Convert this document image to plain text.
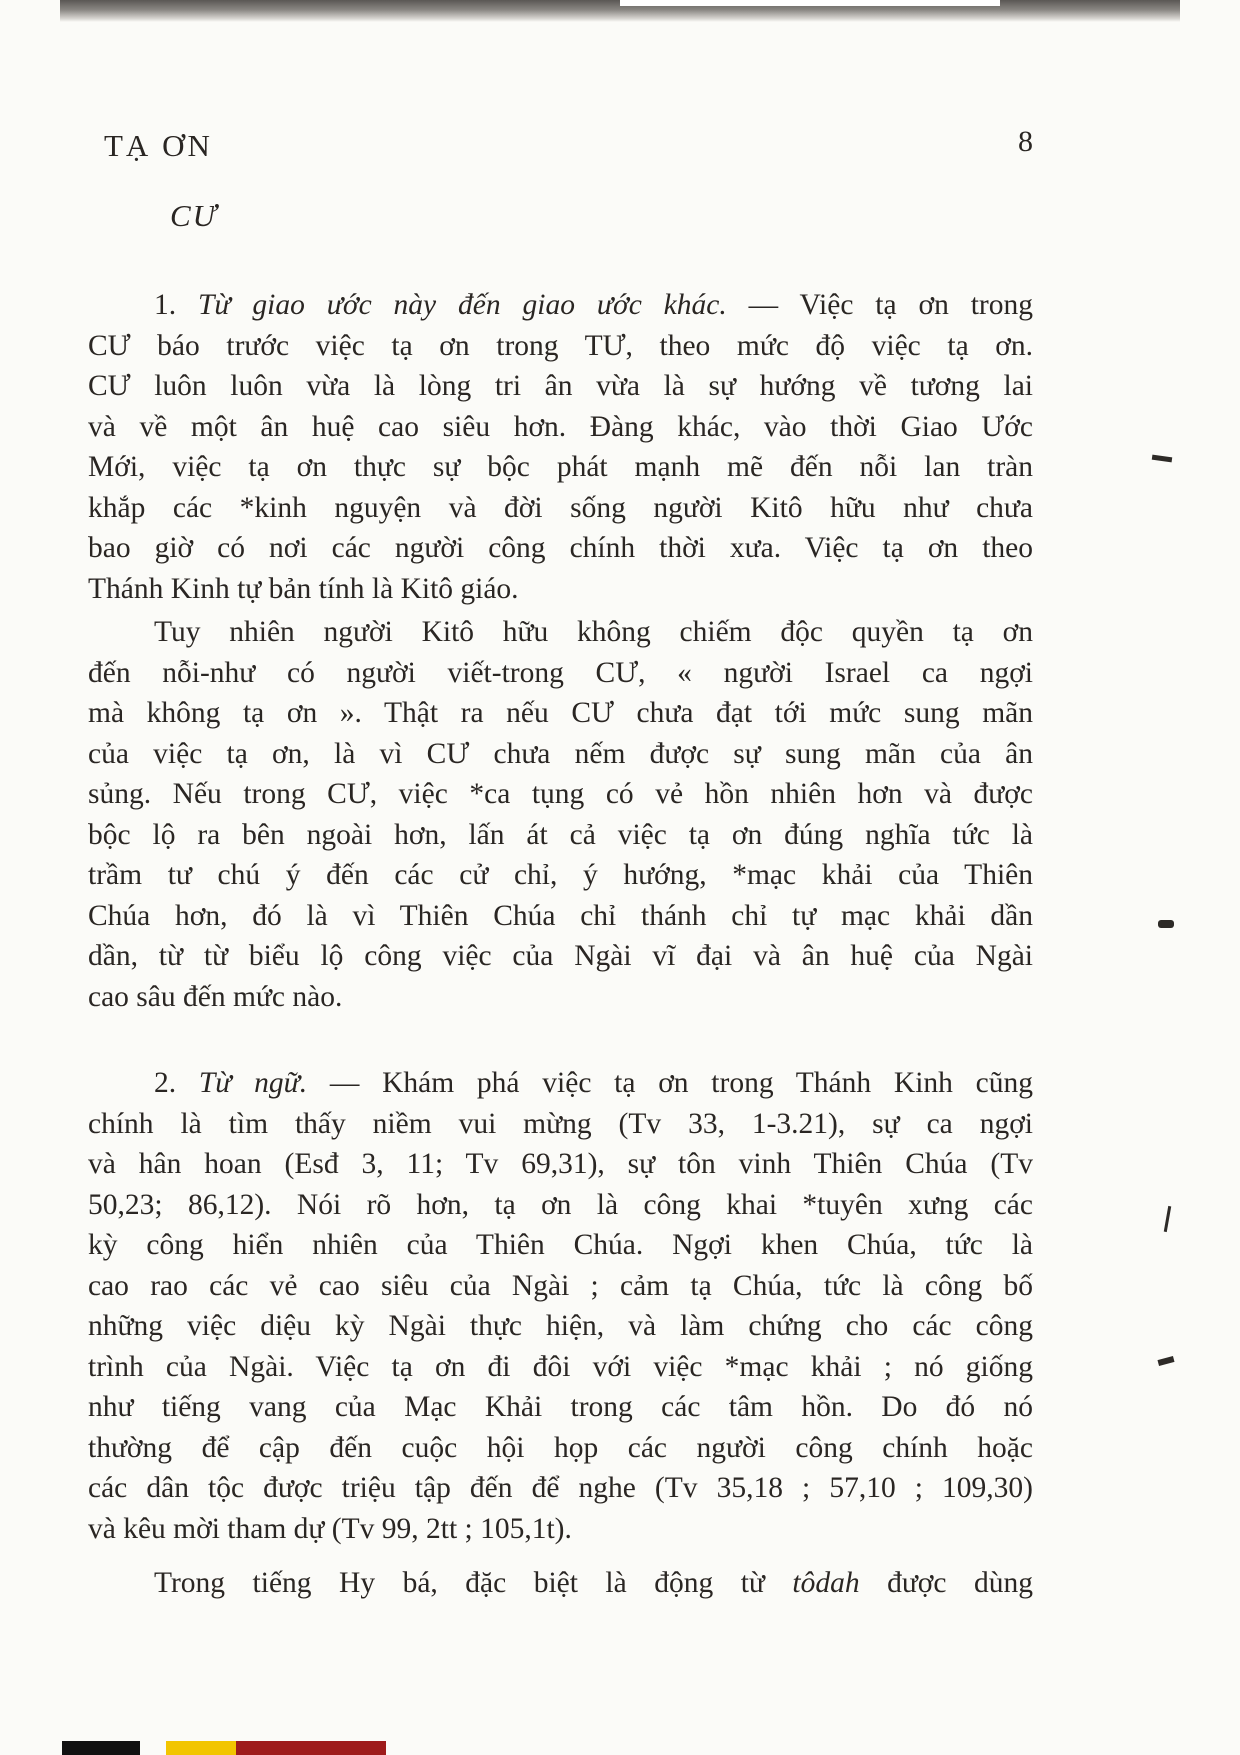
TẠ ƠN	8
CƯ

1. Từ giao ước này đến giao ước khác. — Việc tạ ơn trong
CƯ báo trước việc tạ ơn trong TƯ, theo mức độ việc tạ ơn.
CƯ luôn luôn vừa là lòng tri ân vừa là sự hướng về tương lai
và về một ân huệ cao siêu hơn. Đàng khác, vào thời Giao Ước
Mới, việc tạ ơn thực sự bộc phát mạnh mẽ đến nỗi lan tràn
khắp các *kinh nguyện và đời sống người Kitô hữu như chưa
bao giờ có nơi các người công chính thời xưa. Việc tạ ơn theo
Thánh Kinh tự bản tính là Kitô giáo.

Tuy nhiên người Kitô hữu không chiếm độc quyền tạ ơn
đến nỗi-như có người viết-trong CƯ, « người Israel ca ngợi
mà không tạ ơn ». Thật ra nếu CƯ chưa đạt tới mức sung mãn
của việc tạ ơn, là vì CƯ chưa nếm được sự sung mãn của ân
sủng. Nếu trong CƯ, việc *ca tụng có vẻ hồn nhiên hơn và được
bộc lộ ra bên ngoài hơn, lấn át cả việc tạ ơn đúng nghĩa tức là
trầm tư chú ý đến các cử chỉ, ý hướng, *mạc khải của Thiên
Chúa hơn, đó là vì Thiên Chúa chỉ thánh chỉ tự mạc khải dần
dần, từ từ biểu lộ công việc của Ngài vĩ đại và ân huệ của Ngài
cao sâu đến mức nào.

2. Từ ngữ. — Khám phá việc tạ ơn trong Thánh Kinh cũng
chính là tìm thấy niềm vui mừng (Tv 33, 1-3.21), sự ca ngợi
và hân hoan (Esđ 3, 11; Tv 69,31), sự tôn vinh Thiên Chúa (Tv
50,23; 86,12). Nói rõ hơn, tạ ơn là công khai *tuyên xưng các
kỳ công hiển nhiên của Thiên Chúa. Ngợi khen Chúa, tức là
cao rao các vẻ cao siêu của Ngài ; cảm tạ Chúa, tức là công bố
những việc diệu kỳ Ngài thực hiện, và làm chứng cho các công
trình của Ngài. Việc tạ ơn đi đôi với việc *mạc khải ; nó giống
như tiếng vang của Mạc Khải trong các tâm hồn. Do đó nó
thường để cập đến cuộc hội họp các người công chính hoặc
các dân tộc được triệu tập đến để nghe (Tv 35,18 ; 57,10 ; 109,30)
và kêu mời tham dự (Tv 99, 2tt ; 105,1t).

Trong tiếng Hy bá, đặc biệt là động từ tôdah được dùng
